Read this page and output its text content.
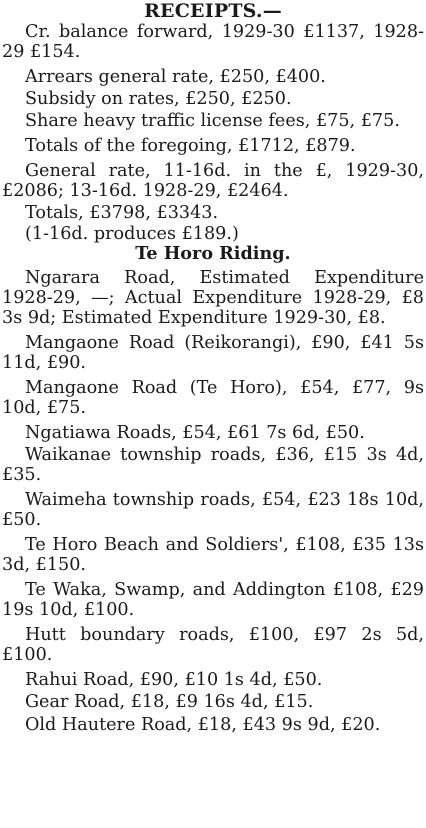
RECEIPTS.—

Cr. balance forward, 1929-30 £1137, 1928-29 £154.

Arrears general rate, £250, £400.

Subsidy on rates, £250, £250.

Share heavy traffic license fees, £75, £75.

Totals of the foregoing, £1712, £879.

General rate, 11-16d. in the £, 1929-30, £2086; 13-16d. 1928-29, £2464.

Totals, £3798, £3343.

(1-16d. produces £189.)

Te Horo Riding.

Ngarara Road, Estimated Expenditure 1928-29, —; Actual Expenditure 1928-29, £8 3s 9d; Estimated Expenditure 1929-30, £8.

Mangaone Road (Reikorangi), £90, £41 5s 11d, £90.

Mangaone Road (Te Horo), £54, £77, 9s 10d, £75.

Ngatiawa Roads, £54, £61 7s 6d, £50.

Waikanae township roads, £36, £15 3s 4d, £35.

Waimeha township roads, £54, £23 18s 10d, £50.

Te Horo Beach and Soldiers', £108, £35 13s 3d, £150.

Te Waka, Swamp, and Addington £108, £29 19s 10d, £100.

Hutt boundary roads, £100, £97 2s 5d, £100.

Rahui Road, £90, £10 1s 4d, £50.

Gear Road, £18, £9 16s 4d, £15.

Old Hautere Road, £18, £43 9s 9d, £20.
